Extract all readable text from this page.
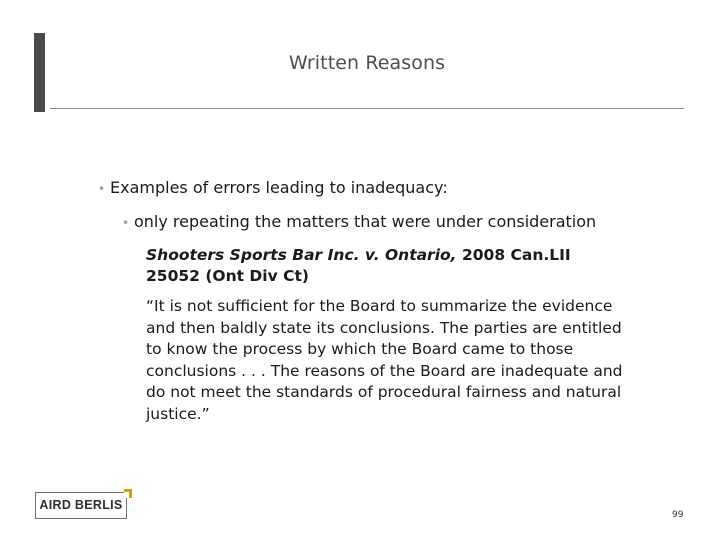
Written Reasons
• Examples of errors leading to inadequacy:
• only repeating the matters that were under consideration
Shooters Sports Bar Inc. v. Ontario, 2008 Can.LII 25052 (Ont Div Ct)
“It is not sufficient for the Board to summarize the evidence and then baldly state its conclusions. The parties are entitled to know the process by which the Board came to those conclusions . . . The reasons of the Board are inadequate and do not meet the standards of procedural fairness and natural justice.”
AIRD BERLIS
99
